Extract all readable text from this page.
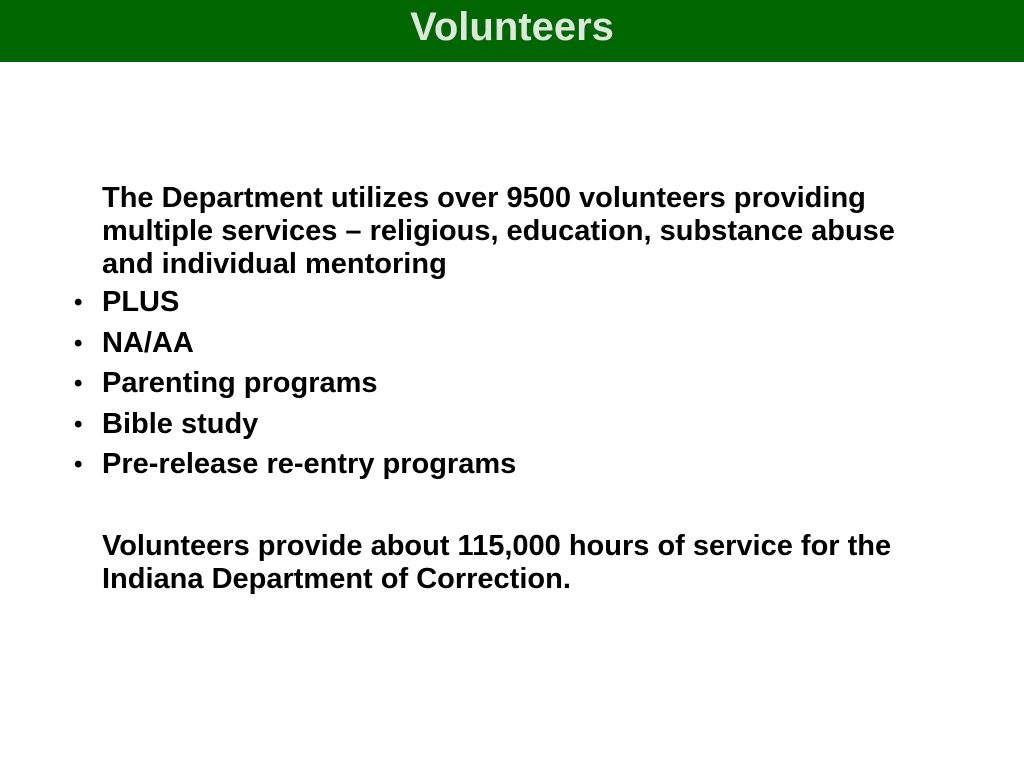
Volunteers
The Department utilizes over 9500 volunteers providing multiple services – religious, education, substance abuse and individual mentoring
• PLUS
• NA/AA
• Parenting programs
• Bible study
• Pre-release re-entry programs
Volunteers provide about 115,000 hours of service for the Indiana Department of Correction.
